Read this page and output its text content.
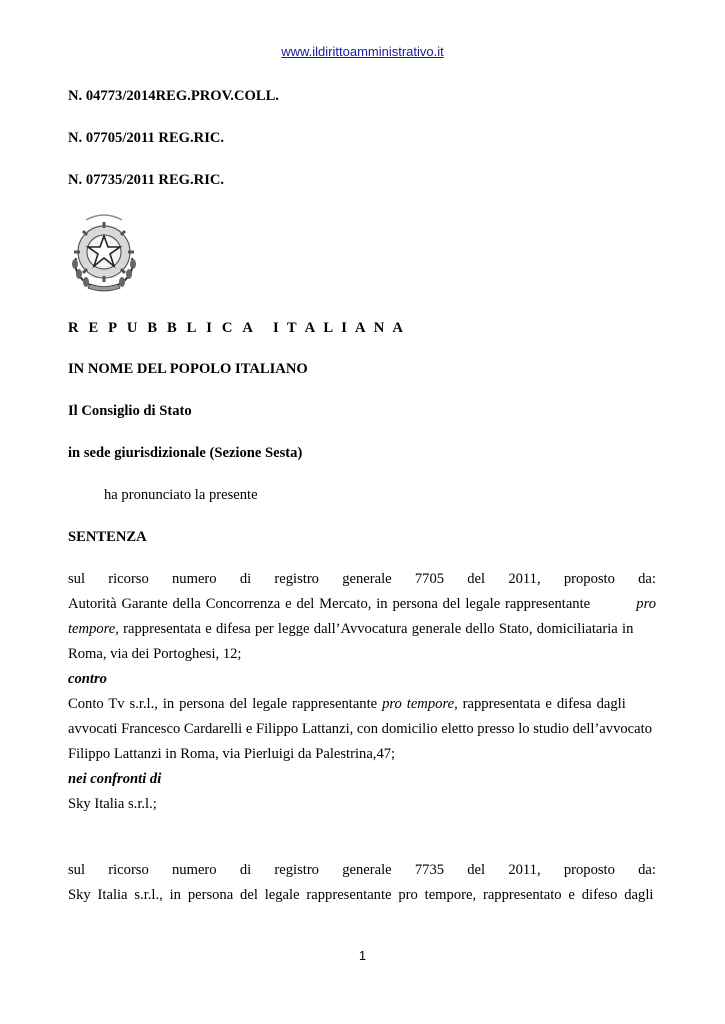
www.ildirittoamministrativo.it
N. 04773/2014REG.PROV.COLL.
N. 07705/2011 REG.RIC.
N. 07735/2011 REG.RIC.
R E P U B B L I C A I T A L I A N A
IN NOME DEL POPOLO ITALIANO
Il Consiglio di Stato
in sede giurisdizionale (Sezione Sesta)
ha pronunciato la presente
SENTENZA
sul ricorso numero di registro generale 7705 del 2011, proposto da:
Autorità Garante della Concorrenza e del Mercato, in persona del legale rappresentante	pro
tempore, rappresentata e difesa per legge dall’Avvocatura generale dello Stato, domiciliataria in
Roma, via dei Portoghesi, 12;
contro
Conto Tv s.r.l., in persona del legale rappresentante pro tempore, rappresentata e difesa dagli
avvocati Francesco Cardarelli e Filippo Lattanzi, con domicilio eletto presso lo studio dell’avvocato
Filippo Lattanzi in Roma, via Pierluigi da Palestrina,47;
nei confronti di
Sky Italia s.r.l.;
sul ricorso numero di registro generale 7735 del 2011, proposto da:
Sky Italia s.r.l., in persona del legale rappresentante pro tempore, rappresentato e difeso dagli
1
